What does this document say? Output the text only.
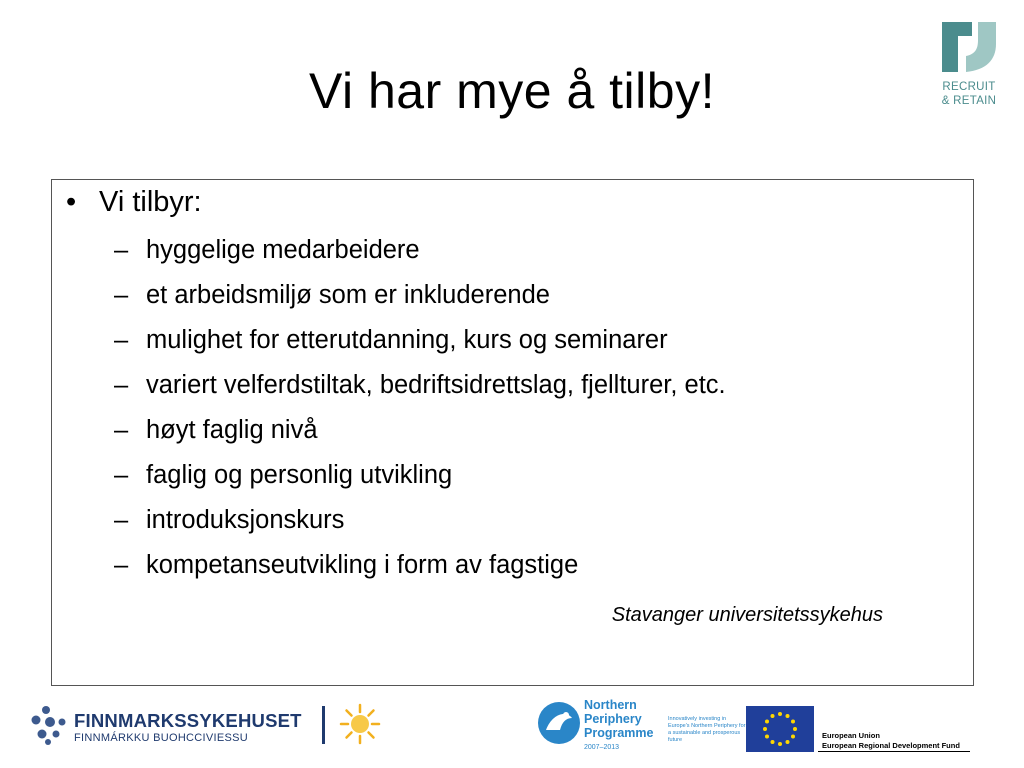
Vi har mye å tilby!	RECRUIT
& RETAIN
• Vi tilbyr:
– hyggelige medarbeidere
– et arbeidsmiljø som er inkluderende
– mulighet for etterutdanning, kurs og seminarer
– variert velferdstiltak, bedriftsidrettslag, fjellturer, etc.
– høyt faglig nivå
– faglig og personlig utvikling
– introduksjonskurs
– kompetanseutvikling i form av fagstige
Stavanger universitetssykehus
FINNMARKSSYKEHUSET
FINNMÁRKKU BUOHCCIVIESSU
Northern
Periphery
Programme
2007–2013
Innovatively investing in Europe's Northern Periphery for a sustainable and prosperous future	European Union
European Regional Development Fund
